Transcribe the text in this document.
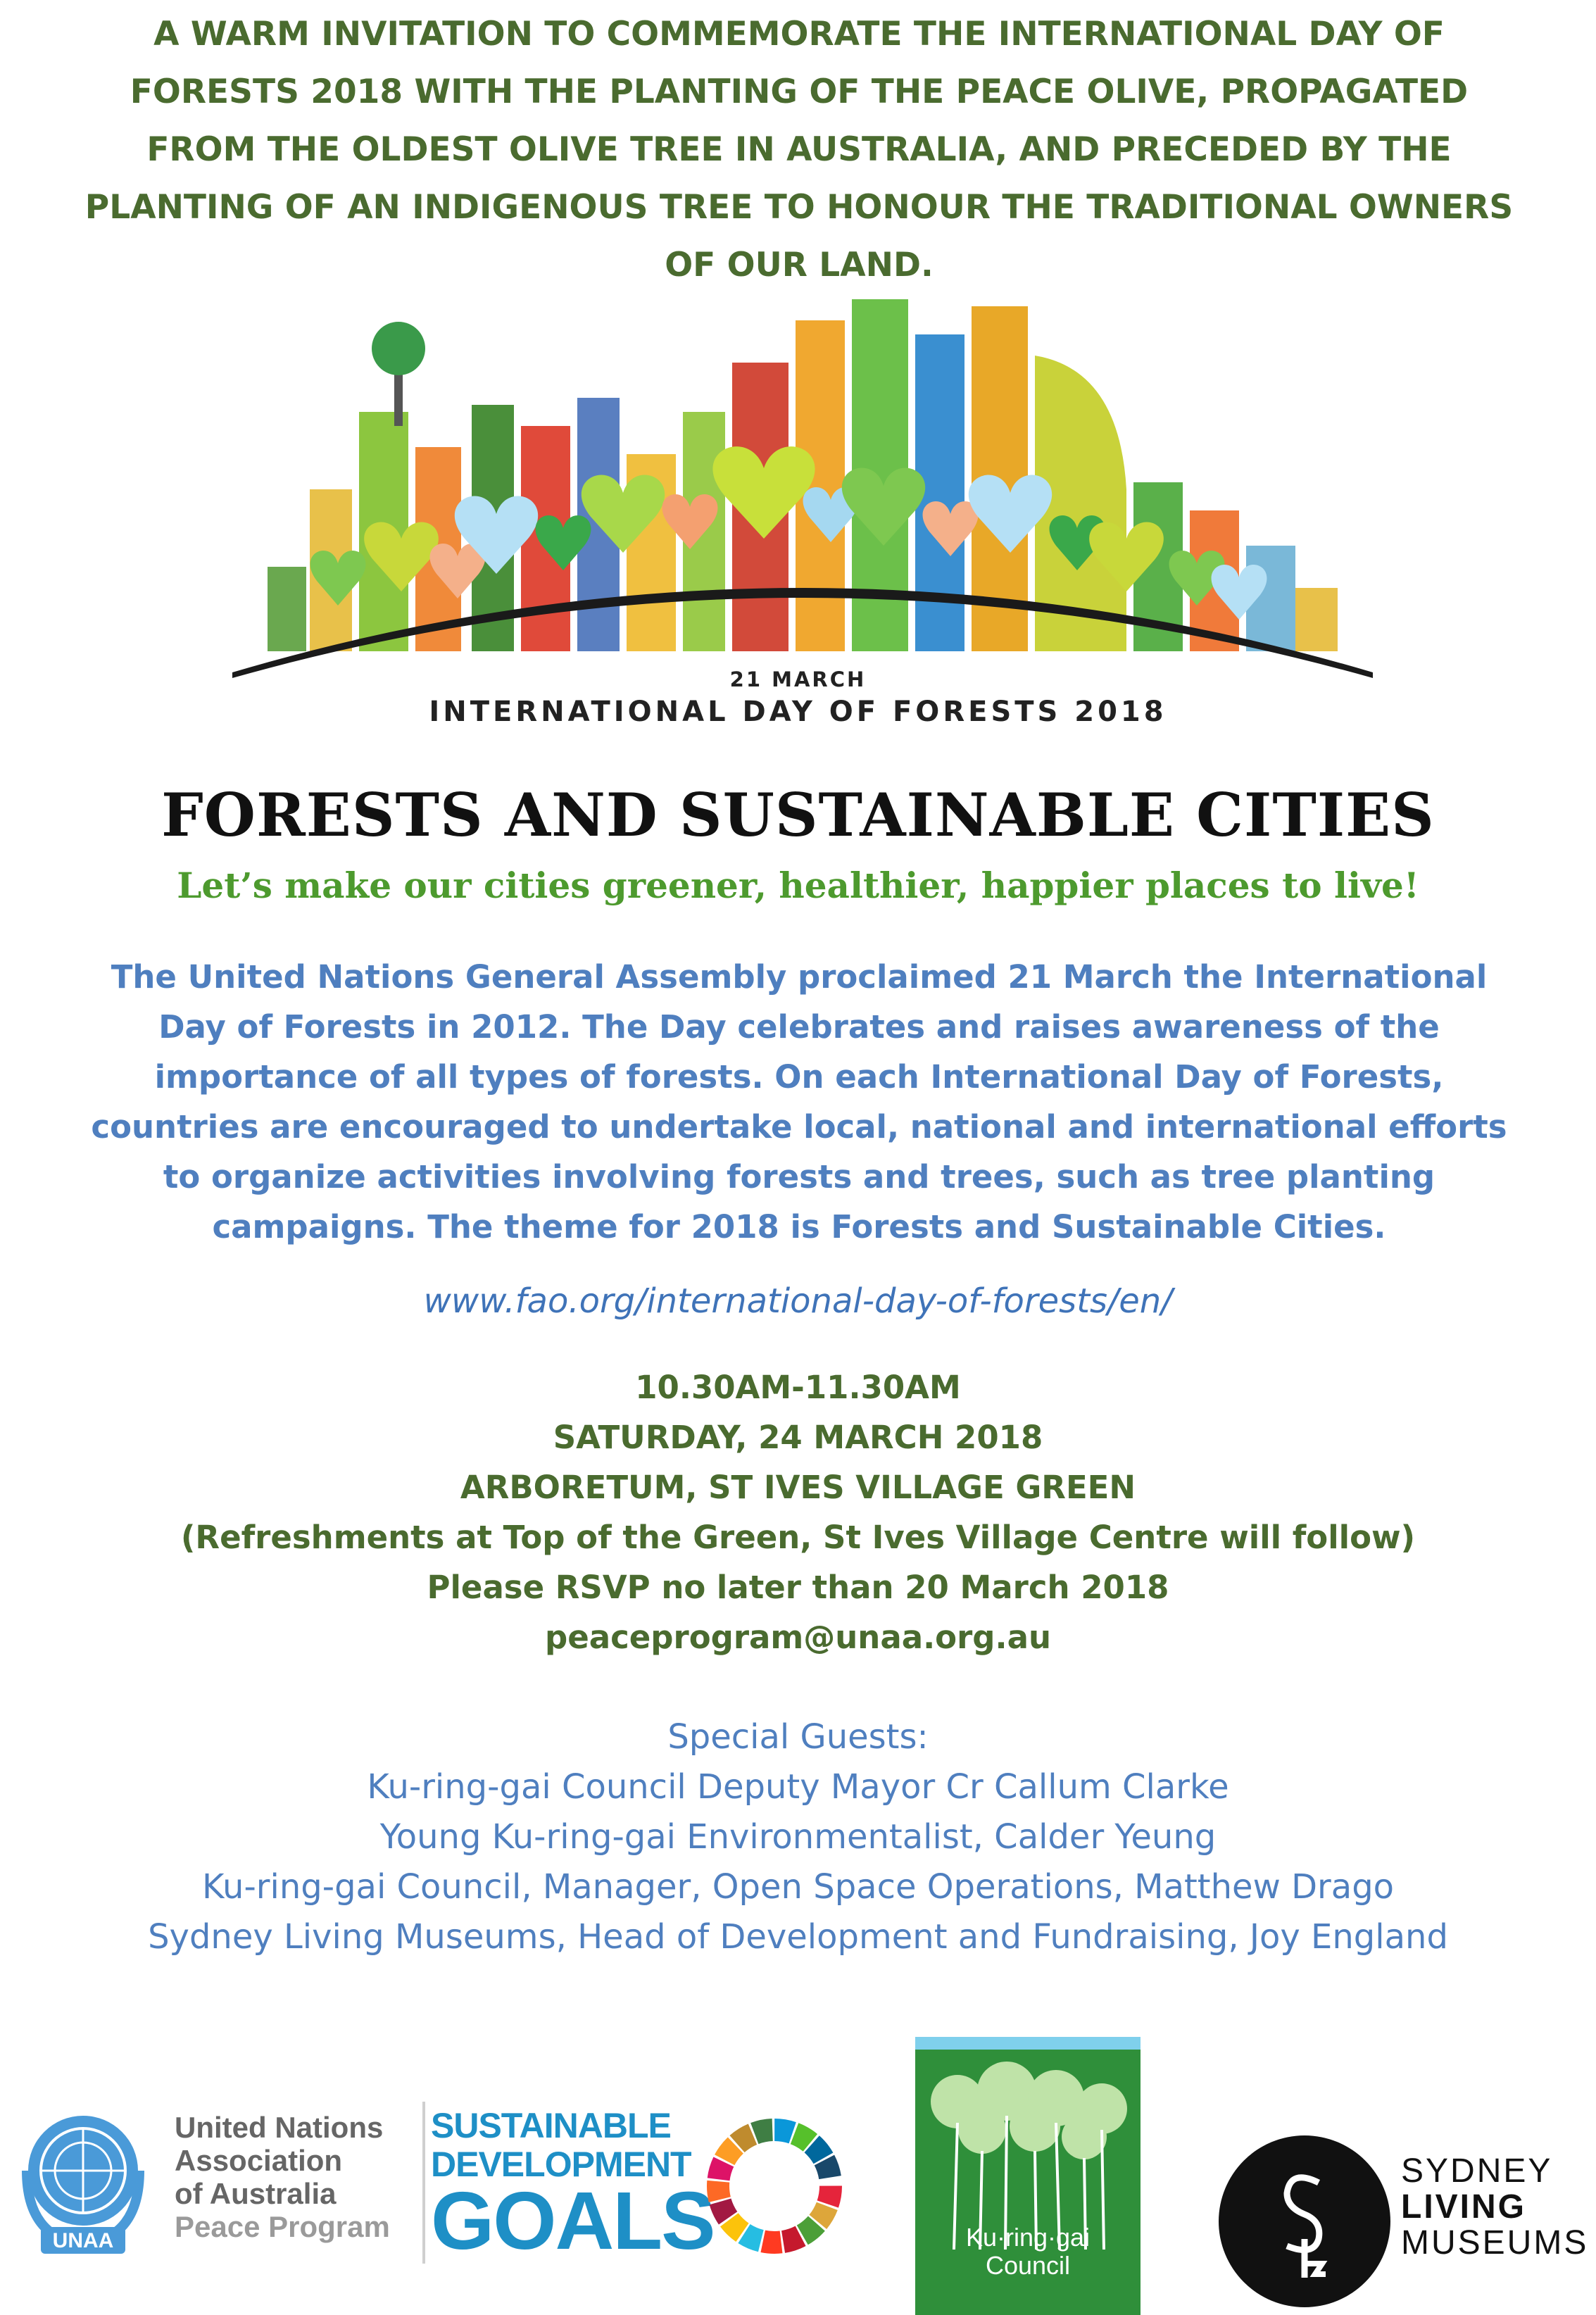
A WARM INVITATION TO COMMEMORATE THE INTERNATIONAL DAY OF FORESTS 2018 WITH THE PLANTING OF THE PEACE OLIVE, PROPAGATED FROM THE OLDEST OLIVE TREE IN AUSTRALIA, AND PRECEDED BY THE PLANTING OF AN INDIGENOUS TREE TO HONOUR THE TRADITIONAL OWNERS OF OUR LAND.
21 MARCH
INTERNATIONAL DAY OF FORESTS 2018
FORESTS AND SUSTAINABLE CITIES
Let’s make our cities greener, healthier, happier places to live!
The United Nations General Assembly proclaimed 21 March the International Day of Forests in 2012. The Day celebrates and raises awareness of the importance of all types of forests. On each International Day of Forests, countries are encouraged to undertake local, national and international efforts to organize activities involving forests and trees, such as tree planting campaigns. The theme for 2018 is Forests and Sustainable Cities.
www.fao.org/international-day-of-forests/en/
10.30AM-11.30AM
SATURDAY, 24 MARCH 2018
ARBORETUM, ST IVES VILLAGE GREEN
(Refreshments at Top of the Green, St Ives Village Centre will follow)
Please RSVP no later than 20 March 2018
peaceprogram@unaa.org.au
Special Guests:
Ku-ring-gai Council Deputy Mayor Cr Callum Clarke
Young Ku-ring-gai Environmentalist, Calder Yeung
Ku-ring-gai Council, Manager, Open Space Operations, Matthew Drago
Sydney Living Museums, Head of Development and Fundraising, Joy England
UNAA
United Nations
Association
of Australia
Peace Program
SUSTAINABLE
DEVELOPMENT
GOALS	Ku·ring·gai
Council
SYDNEY
LIVING
MUSEUMS
